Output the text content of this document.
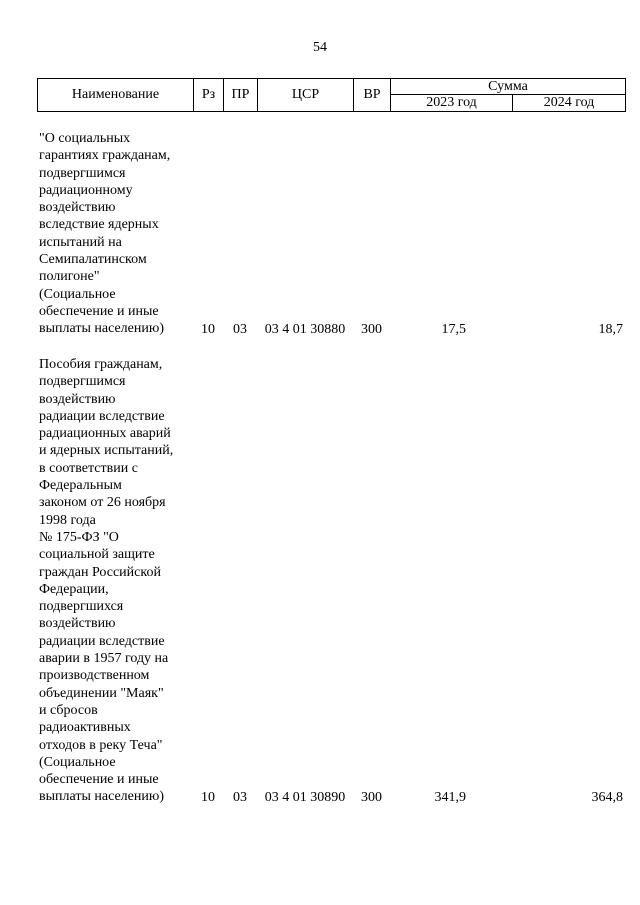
54
Наименование	Рз	ПР	ЦСР	ВР
Сумма
2023 год	2024 год
"О социальных
гарантиях гражданам,
подвергшимся
радиационному
воздействию
вследствие ядерных
испытаний на
Семипалатинском
полигоне"
(Социальное
обеспечение и иные
выплаты населению)	10	03	03 4 01 30880	300	17,5	18,7
Пособия гражданам,
подвергшимся
воздействию
радиации вследствие
радиационных аварий
и ядерных испытаний,
в соответствии с
Федеральным
законом от 26 ноября
1998 года
№ 175-ФЗ "О
социальной защите
граждан Российской
Федерации,
подвергшихся
воздействию
радиации вследствие
аварии в 1957 году на
производственном
объединении "Маяк"
и сбросов
радиоактивных
отходов в реку Теча"
(Социальное
обеспечение и иные
выплаты населению)	10	03	03 4 01 30890	300	341,9	364,8
